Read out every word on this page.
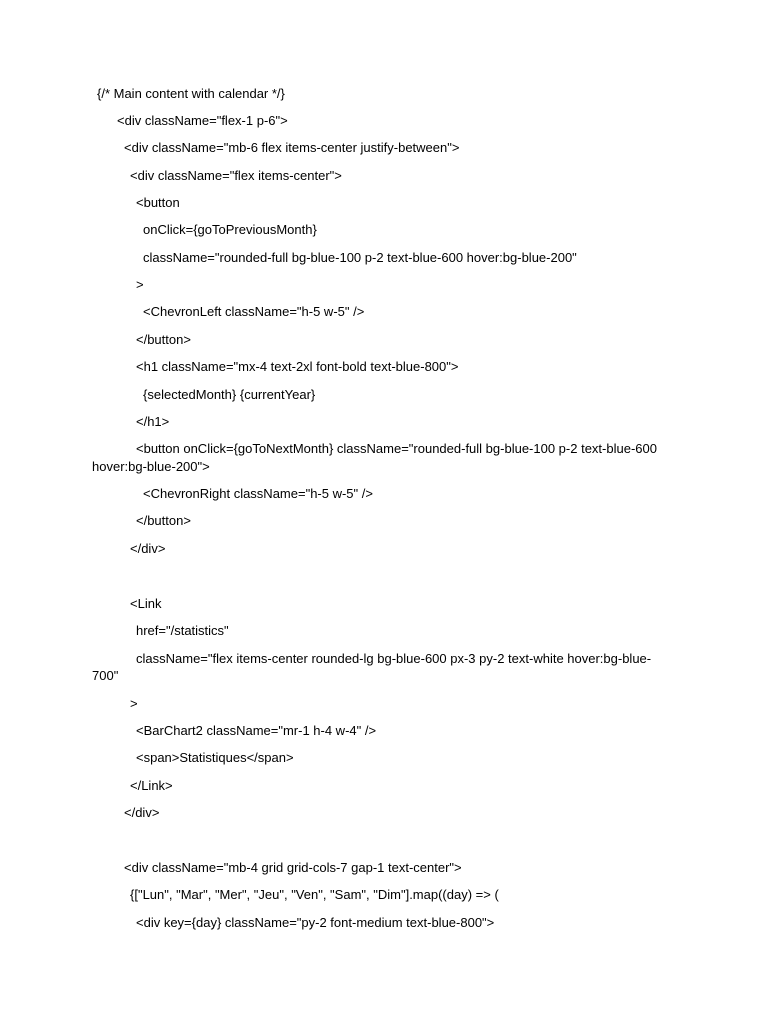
{/* Main content with calendar */}
<div className="flex-1 p-6">
<div className="mb-6 flex items-center justify-between">
<div className="flex items-center">
<button
onClick={goToPreviousMonth}
className="rounded-full bg-blue-100 p-2 text-blue-600 hover:bg-blue-200"
>
<ChevronLeft className="h-5 w-5" />
</button>
<h1 className="mx-4 text-2xl font-bold text-blue-800">
{selectedMonth} {currentYear}
</h1>
<button onClick={goToNextMonth} className="rounded-full bg-blue-100 p-2 text-blue-600
hover:bg-blue-200">
<ChevronRight className="h-5 w-5" />
</button>
</div>
<Link
href="/statistics"
className="flex items-center rounded-lg bg-blue-600 px-3 py-2 text-white hover:bg-blue-
700"
>
<BarChart2 className="mr-1 h-4 w-4" />
<span>Statistiques</span>
</Link>
</div>
<div className="mb-4 grid grid-cols-7 gap-1 text-center">
{["Lun", "Mar", "Mer", "Jeu", "Ven", "Sam", "Dim"].map((day) => (
<div key={day} className="py-2 font-medium text-blue-800">
